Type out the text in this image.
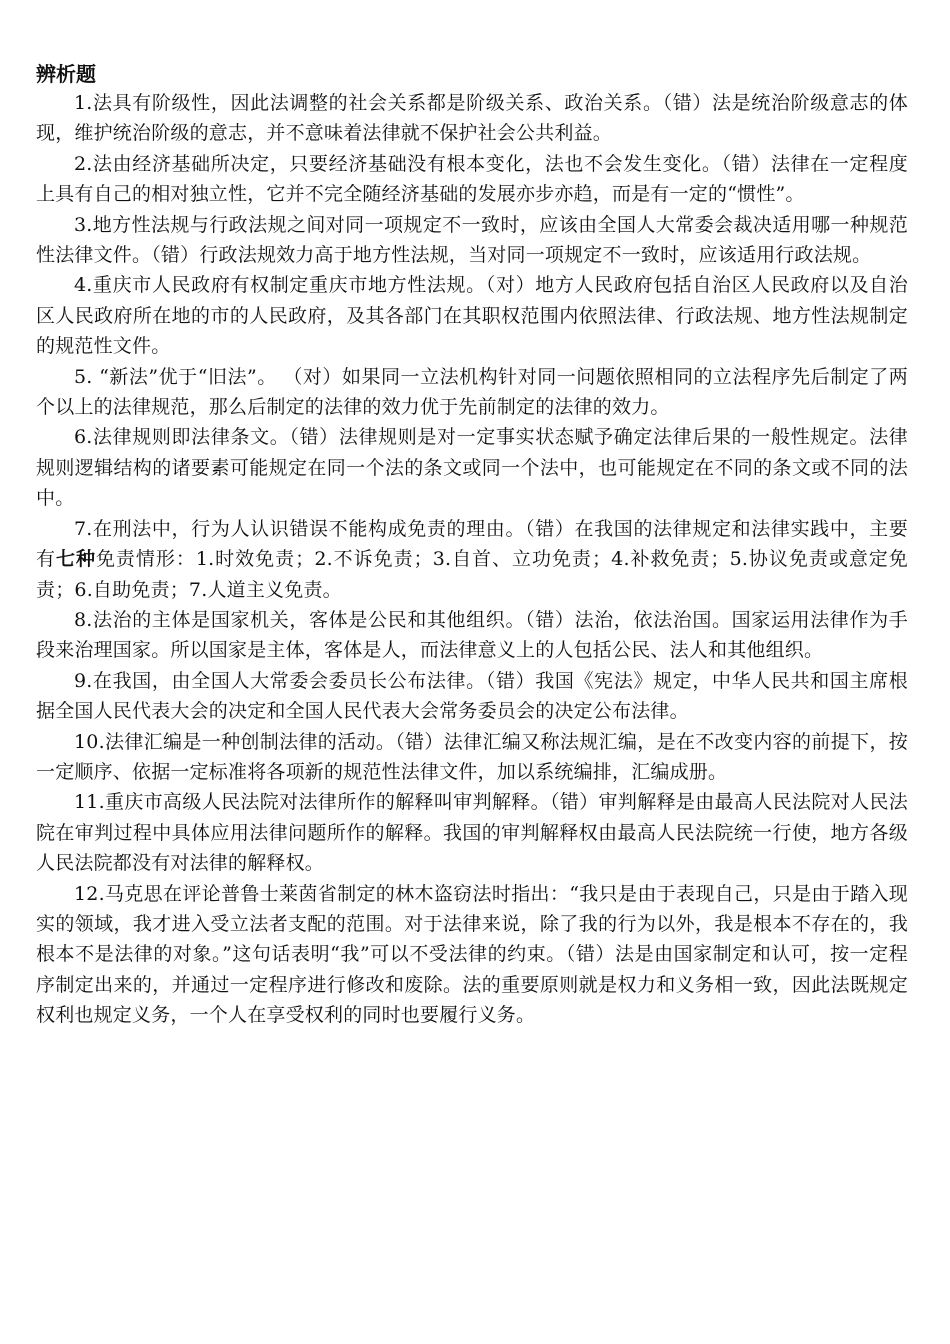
辨析题

1.法具有阶级性，因此法调整的社会关系都是阶级关系、政治关系。（错）法是统治阶级意志的体现，维护统治阶级的意志，并不意味着法律就不保护社会公共利益。

2.法由经济基础所决定，只要经济基础没有根本变化，法也不会发生变化。（错）法律在一定程度上具有自己的相对独立性，它并不完全随经济基础的发展亦步亦趋，而是有一定的“惯性”。

3.地方性法规与行政法规之间对同一项规定不一致时，应该由全国人大常委会裁决适用哪一种规范性法律文件。（错）行政法规效力高于地方性法规，当对同一项规定不一致时，应该适用行政法规。

4.重庆市人民政府有权制定重庆市地方性法规。（对）地方人民政府包括自治区人民政府以及自治区人民政府所在地的市的人民政府，及其各部门在其职权范围内依照法律、行政法规、地方性法规制定的规范性文件。

5. “新法”优于“旧法”。 （对）如果同一立法机构针对同一问题依照相同的立法程序先后制定了两个以上的法律规范，那么后制定的法律的效力优于先前制定的法律的效力。

6.法律规则即法律条文。（错）法律规则是对一定事实状态赋予确定法律后果的一般性规定。法律规则逻辑结构的诸要素可能规定在同一个法的条文或同一个法中，也可能规定在不同的条文或不同的法中。

7.在刑法中，行为人认识错误不能构成免责的理由。（错）在我国的法律规定和法律实践中，主要有七种免责情形：1.时效免责；2.不诉免责；3.自首、立功免责；4.补救免责；5.协议免责或意定免责；6.自助免责；7.人道主义免责。

8.法治的主体是国家机关，客体是公民和其他组织。（错）法治，依法治国。国家运用法律作为手段来治理国家。所以国家是主体，客体是人，而法律意义上的人包括公民、法人和其他组织。

9.在我国，由全国人大常委会委员长公布法律。（错）我国《宪法》规定，中华人民共和国主席根据全国人民代表大会的决定和全国人民代表大会常务委员会的决定公布法律。

10.法律汇编是一种创制法律的活动。（错）法律汇编又称法规汇编，是在不改变内容的前提下，按一定顺序、依据一定标准将各项新的规范性法律文件，加以系统编排，汇编成册。

11.重庆市高级人民法院对法律所作的解释叫审判解释。（错）审判解释是由最高人民法院对人民法院在审判过程中具体应用法律问题所作的解释。我国的审判解释权由最高人民法院统一行使，地方各级人民法院都没有对法律的解释权。

12.马克思在评论普鲁士莱茵省制定的林木盗窃法时指出：“我只是由于表现自己，只是由于踏入现实的领域，我才进入受立法者支配的范围。对于法律来说，除了我的行为以外，我是根本不存在的，我根本不是法律的对象。”这句话表明“我”可以不受法律的约束。（错）法是由国家制定和认可，按一定程序制定出来的，并通过一定程序进行修改和废除。法的重要原则就是权力和义务相一致，因此法既规定权利也规定义务，一个人在享受权利的同时也要履行义务。
